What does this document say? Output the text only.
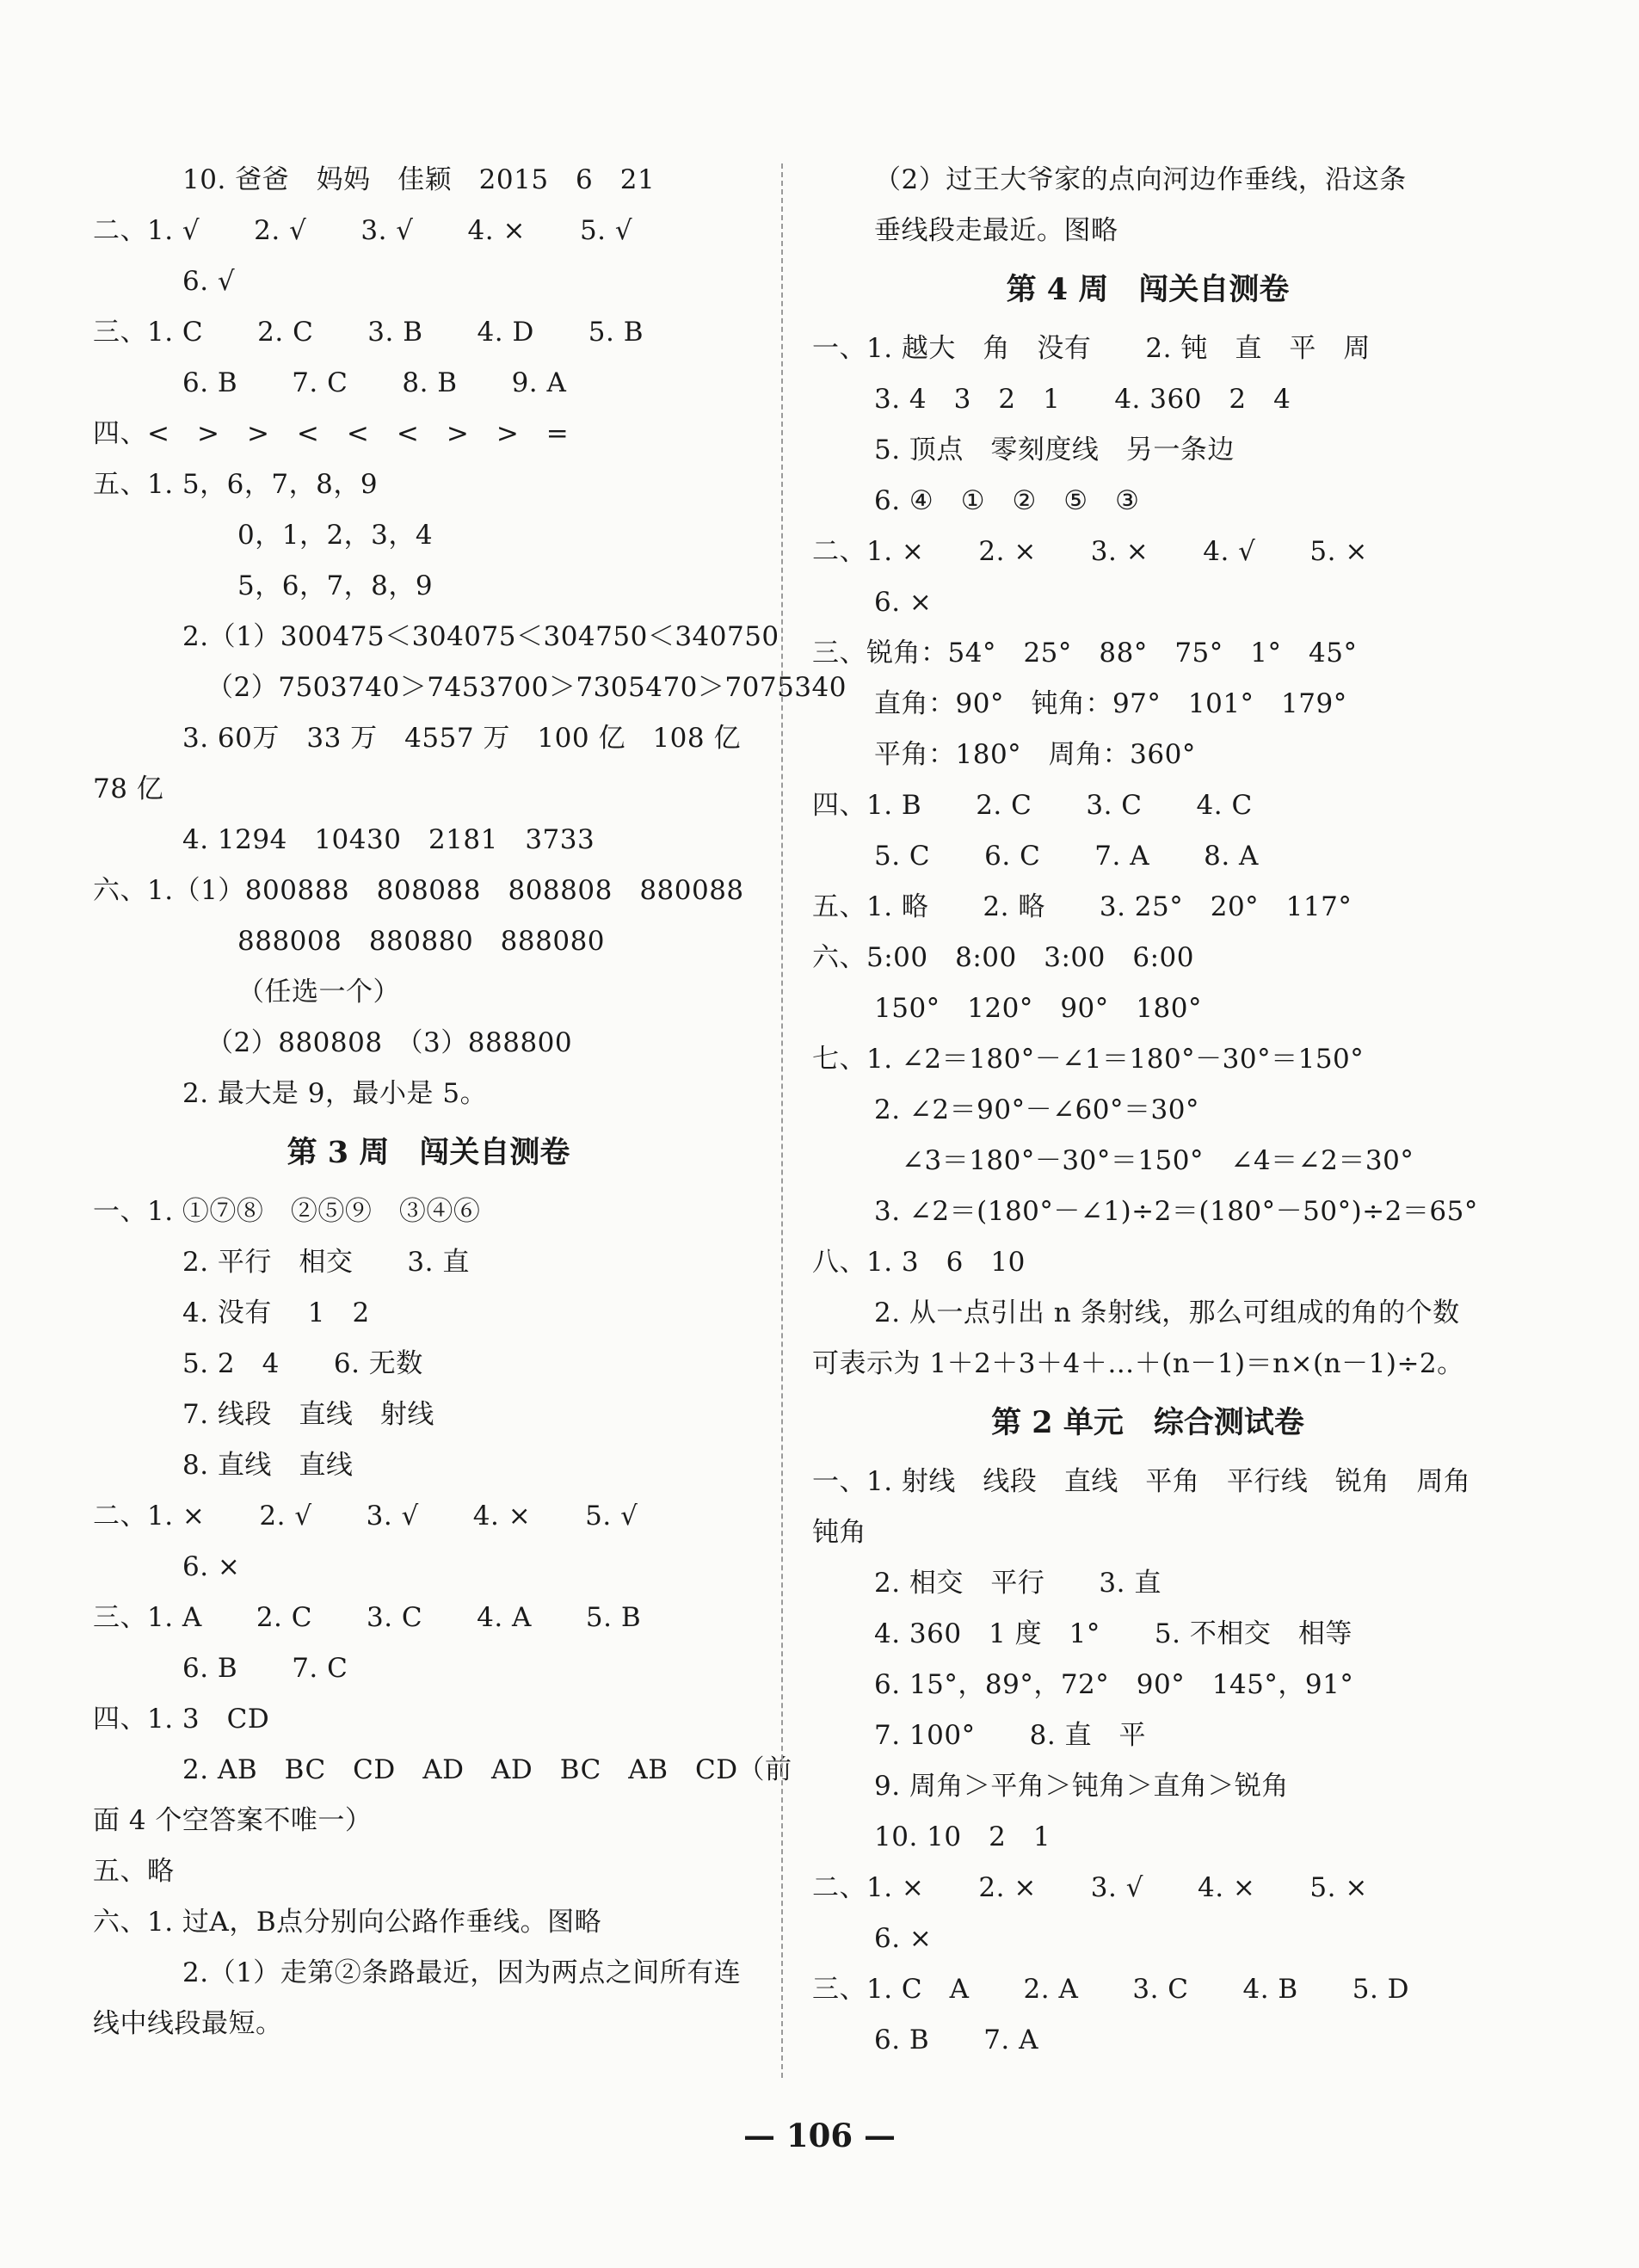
10. 爸爸　妈妈　佳颖　2015　6　21
二、1. √　　2. √　　3. √　　4. ×　　5. √
6. √
三、1. C　　2. C　　3. B　　4. D　　5. B
6. B　　7. C　　8. B　　9. A
四、<　>　>　<　<　<　>　>　=
五、1. 5，6，7，8，9
0，1，2，3，4
5，6，7，8，9
2.（1）300475＜304075＜304750＜340750
（2）7503740＞7453700＞7305470＞7075340
3. 60万　33 万　4557 万　100 亿　108 亿
78 亿
4. 1294　10430　2181　3733
六、1.（1）800888　808088　808808　880088
888008　880880　888080
（任选一个）
（2）880808　（3）888800
2. 最大是 9，最小是 5。
第 3 周　闯关自测卷
一、1. ①⑦⑧　②⑤⑨　③④⑥
2. 平行　相交　　3. 直
4. 没有　 1　2
5. 2　4　　6. 无数
7. 线段　直线　射线
8. 直线　直线
二、1. ×　　2. √　　3. √　　4. ×　　5. √
6. ×
三、1. A　　2. C　　3. C　　4. A　　5. B
6. B　　7. C
四、1. 3　CD
2. AB　BC　CD　AD　AD　BC　AB　CD（前
面 4 个空答案不唯一）
五、略
六、1. 过A，B点分别向公路作垂线。图略
2.（1）走第②条路最近，因为两点之间所有连
线中线段最短。
（2）过王大爷家的点向河边作垂线，沿这条
垂线段走最近。图略
第 4 周　闯关自测卷
一、1. 越大　角　没有　　2. 钝　直　平　周
3. 4　3　2　1　　4. 360　2　4
5. 顶点　零刻度线　另一条边
6. ④　①　②　⑤　③
二、1. ×　　2. ×　　3. ×　　4. √　　5. ×
6. ×
三、锐角：54°　25°　88°　75°　1°　45°
直角：90°　钝角：97°　101°　179°
平角：180°　周角：360°
四、1. B　　2. C　　3. C　　4. C
5. C　　6. C　　7. A　　8. A
五、1. 略　　2. 略　　3. 25°　20°　117°
六、5:00　8:00　3:00　6:00
150°　120°　90°　180°
七、1. ∠2＝180°－∠1＝180°－30°＝150°
2. ∠2＝90°－∠60°＝30°
∠3＝180°－30°＝150°　∠4＝∠2＝30°
3. ∠2＝(180°－∠1)÷2＝(180°－50°)÷2＝65°
八、1. 3　6　10
2. 从一点引出 n 条射线，那么可组成的角的个数
可表示为 1＋2＋3＋4＋…＋(n－1)＝n×(n－1)÷2。
第 2 单元　综合测试卷
一、1. 射线　线段　直线　平角　平行线　锐角　周角
钝角
2. 相交　平行　　3. 直
4. 360　1 度　1°　　5. 不相交　相等
6. 15°，89°，72°　90°　145°，91°
7. 100°　　8. 直　平
9. 周角＞平角＞钝角＞直角＞锐角
10. 10　2　1
二、1. ×　　2. ×　　3. √　　4. ×　　5. ×
6. ×
三、1. C　A　　2. A　　3. C　　4. B　　5. D
6. B　　7. A
— 106 —
